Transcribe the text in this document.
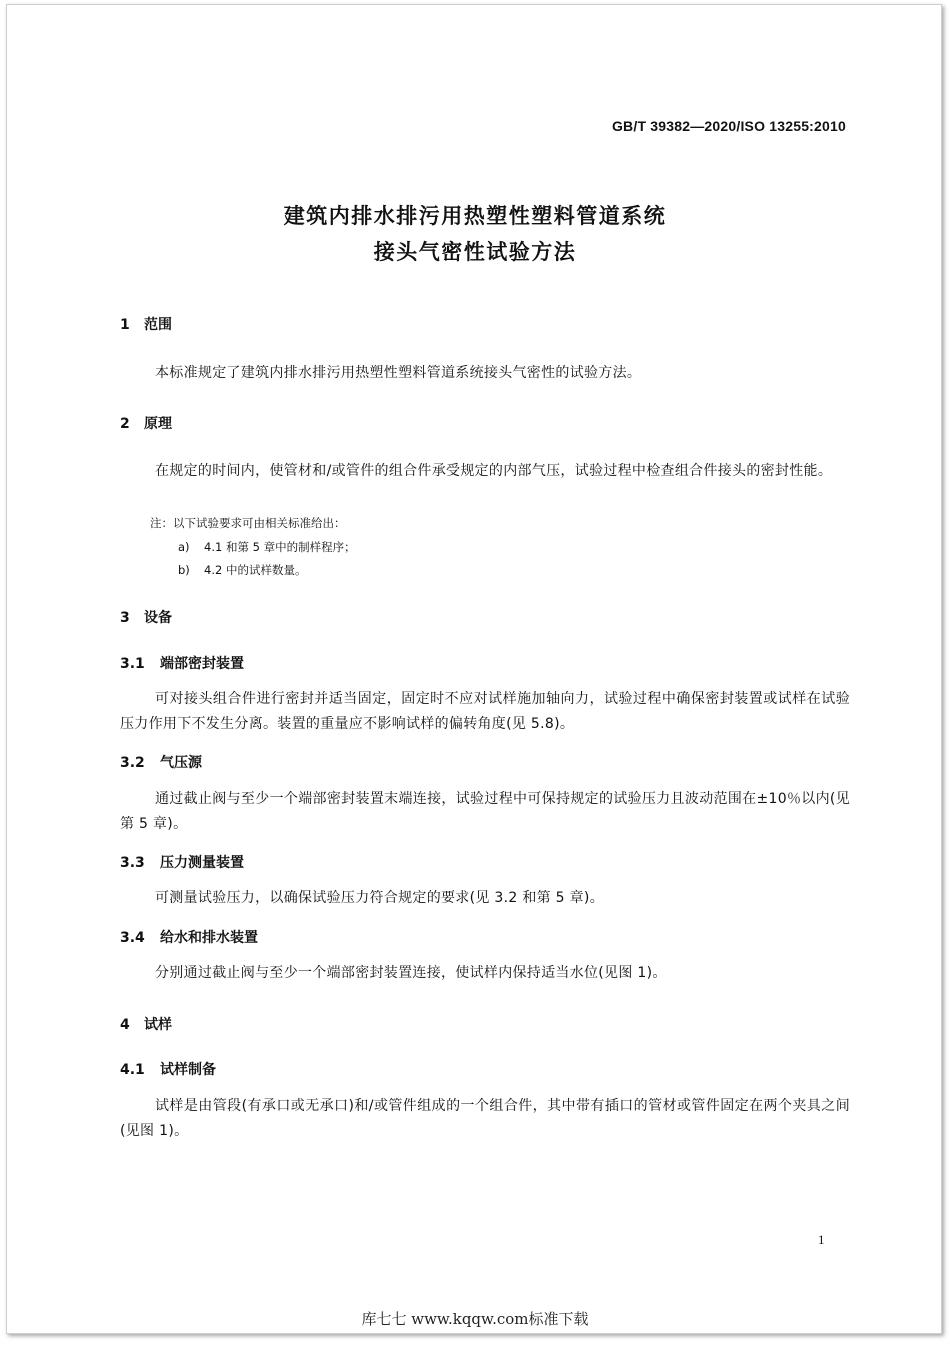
GB/T 39382—2020/ISO 13255:2010
建筑内排水排污用热塑性塑料管道系统
接头气密性试验方法
1 范围
本标准规定了建筑内排水排污用热塑性塑料管道系统接头气密性的试验方法。
2 原理
在规定的时间内，使管材和/或管件的组合件承受规定的内部气压，试验过程中检查组合件接头的密封性能。
注：以下试验要求可由相关标准给出：
a) 4.1 和第 5 章中的制样程序；
b) 4.2 中的试样数量。
3 设备
3.1 端部密封装置
可对接头组合件进行密封并适当固定，固定时不应对试样施加轴向力，试验过程中确保密封装置或试样在试验压力作用下不发生分离。装置的重量应不影响试样的偏转角度(见 5.8)。
3.2 气压源
通过截止阀与至少一个端部密封装置末端连接，试验过程中可保持规定的试验压力且波动范围在±10％以内(见第 5 章)。
3.3 压力测量装置
可测量试验压力，以确保试验压力符合规定的要求(见 3.2 和第 5 章)。
3.4 给水和排水装置
分别通过截止阀与至少一个端部密封装置连接，使试样内保持适当水位(见图 1)。
4 试样
4.1 试样制备
试样是由管段(有承口或无承口)和/或管件组成的一个组合件，其中带有插口的管材或管件固定在两个夹具之间(见图 1)。
1
库七七 www.kqqw.com标准下载
